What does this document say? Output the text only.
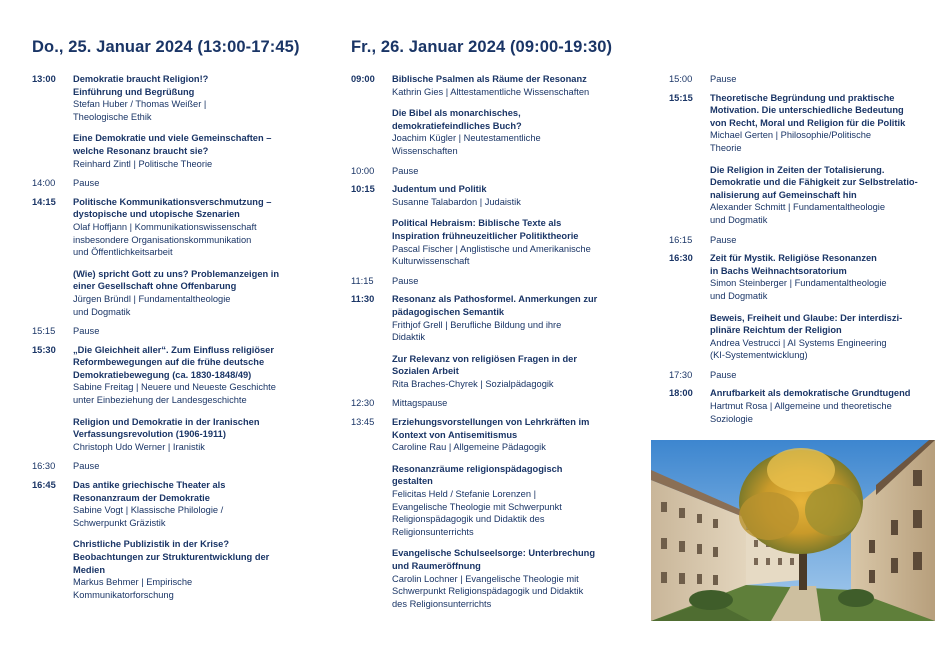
Do., 25. Januar 2024 (13:00-17:45)	Fr., 26. Januar 2024 (09:00-19:30)
13:00	Demokratie braucht Religion!?
Einführung und Begrüßung
Stefan Huber / Thomas Weißer |
Theologische Ethik
Eine Demokratie und viele Gemeinschaften –
welche Resonanz braucht sie?
Reinhard Zintl | Politische Theorie
14:00	Pause
14:15	Politische Kommunikationsverschmutzung –
dystopische und utopische Szenarien
Olaf Hoffjann | Kommunikationswissenschaft
insbesondere Organisationskommunikation
und Öffentlichkeitsarbeit
(Wie) spricht Gott zu uns? Problemanzeigen in
einer Gesellschaft ohne Offenbarung
Jürgen Bründl | Fundamentaltheologie
und Dogmatik
15:15	Pause
15:30	„Die Gleichheit aller“. Zum Einfluss religiöser
Reformbewegungen auf die frühe deutsche
Demokratiebewegung (ca. 1830-1848/49)
Sabine Freitag | Neuere und Neueste Geschichte
unter Einbeziehung der Landesgeschichte
Religion und Demokratie in der Iranischen
Verfassungsrevolution (1906-1911)
Christoph Udo Werner | Iranistik
16:30	Pause
16:45	Das antike griechische Theater als
Resonanzraum der Demokratie
Sabine Vogt | Klassische Philologie /
Schwerpunkt Gräzistik
Christliche Publizistik in der Krise?
Beobachtungen zur Strukturentwicklung der
Medien
Markus Behmer | Empirische
Kommunikatorforschung
09:00	Biblische Psalmen als Räume der Resonanz
Kathrin Gies | Alttestamentliche Wissenschaften
Die Bibel als monarchisches,
demokratiefeindliches Buch?
Joachim Kügler | Neutestamentliche
Wissenschaften
10:00	Pause
10:15	Judentum und Politik
Susanne Talabardon | Judaistik
Political Hebraism: Biblische Texte als
Inspiration frühneuzeitlicher Politiktheorie
Pascal Fischer | Anglistische und Amerikanische
Kulturwissenschaft
11:15	Pause
11:30	Resonanz als Pathosformel. Anmerkungen zur
pädagogischen Semantik
Frithjof Grell | Berufliche Bildung und ihre
Didaktik
Zur Relevanz von religiösen Fragen in der
Sozialen Arbeit
Rita Braches-Chyrek | Sozialpädagogik
12:30	Mittagspause
13:45	Erziehungsvorstellungen von Lehrkräften im
Kontext von Antisemitismus
Caroline Rau | Allgemeine Pädagogik
Resonanzräume religionspädagogisch
gestalten
Felicitas Held / Stefanie Lorenzen |
Evangelische Theologie mit Schwerpunkt
Religionspädagogik und Didaktik des
Religionsunterrichts
Evangelische Schulseelsorge: Unterbrechung
und Raumeröffnung
Carolin Lochner | Evangelische Theologie mit
Schwerpunkt Religionspädagogik und Didaktik
des Religionsunterrichts
15:00	Pause
15:15	Theoretische Begründung und praktische
Motivation. Die unterschiedliche Bedeutung
von Recht, Moral und Religion für die Politik
Michael Gerten | Philosophie/Politische
Theorie
Die Religion in Zeiten der Totalisierung.
Demokratie und die Fähigkeit zur Selbstrelatio-
nalisierung auf Gemeinschaft hin
Alexander Schmitt | Fundamentaltheologie
und Dogmatik
16:15	Pause
16:30	Zeit für Mystik. Religiöse Resonanzen
in Bachs Weihnachtsoratorium
Simon Steinberger | Fundamentaltheologie
und Dogmatik
Beweis, Freiheit und Glaube: Der interdiszi-
plinäre Reichtum der Religion
Andrea Vestrucci | AI Systems Engineering
(KI-Systementwicklung)
17:30	Pause
18:00	Anrufbarkeit als demokratische Grundtugend
Hartmut Rosa | Allgemeine und theoretische
Soziologie
